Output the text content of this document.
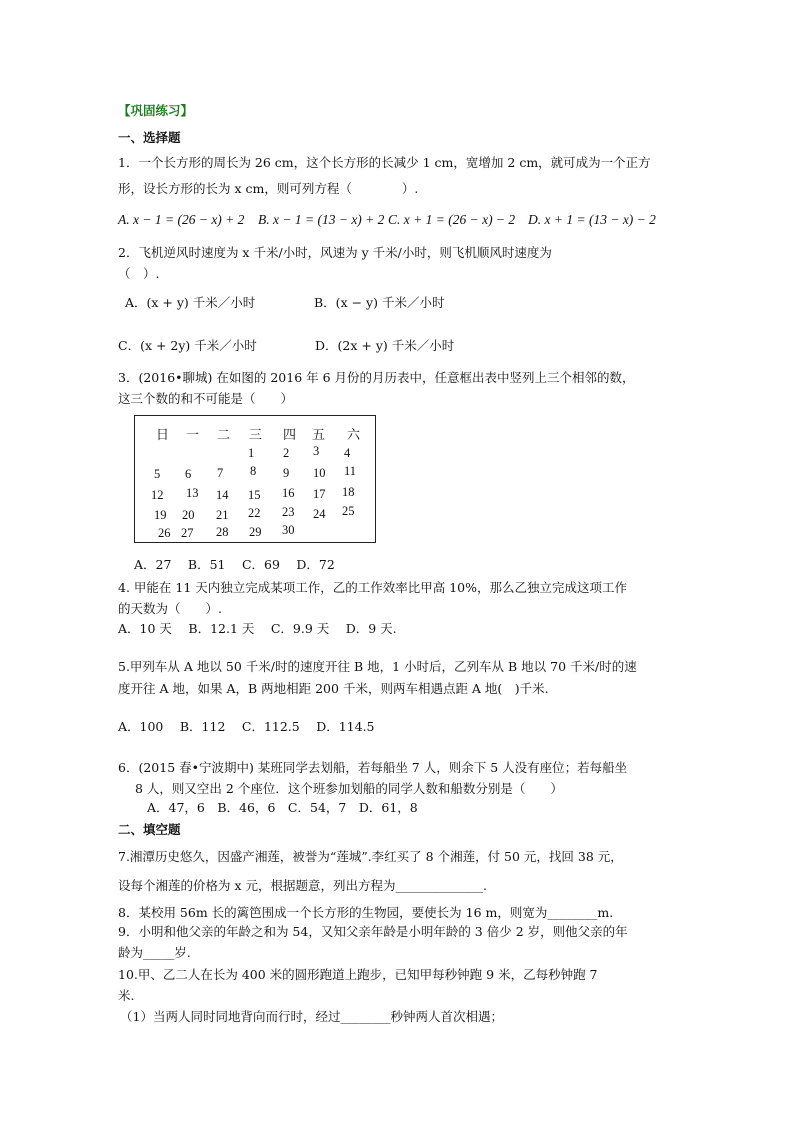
【巩固练习】
一、选择题
1．一个长方形的周长为 26 cm，这个长方形的长减少 1 cm，宽增加 2 cm，就可成为一个正方
形，设长方形的长为 x cm，则可列方程（　　　　）.
A. x − 1 = (26 − x) + 2 B. x − 1 = (13 − x) + 2 C. x + 1 = (26 − x) − 2 D. x + 1 = (13 − x) − 2
2．飞机逆风时速度为 x 千米/小时，风速为 y 千米/小时，则飞机顺风时速度为
（　）.
A．(x + y) 千米／小时	B．(x − y) 千米／小时
C．(x + 2y) 千米／小时	D．(2x + y) 千米／小时
3．(2016•聊城) 在如图的 2016 年 6 月份的月历表中，任意框出表中竖列上三个相邻的数，
这三个数的和不可能是（　　）
日 一 二 三 四 五 六
1 2 3 4
5 6 7 8 9 10 11
12 13 14 15 16 17 18
19 20 21 22 23 24 25
26 27 28 29 30
A．27　 B．51　 C．69　 D．72
4. 甲能在 11 天内独立完成某项工作，乙的工作效率比甲高 10%，那么乙独立完成这项工作
的天数为（　　）.
A．10 天　 B．12.1 天　 C．9.9 天　 D．9 天.
5.甲列车从 A 地以 50 千米/时的速度开往 B 地，1 小时后，乙列车从 B 地以 70 千米/时的速
度开往 A 地，如果 A，B 两地相距 200 千米，则两车相遇点距 A 地(　)千米.
A．100　 B．112　 C．112.5　 D．114.5
6．(2015 春•宁波期中) 某班同学去划船，若每船坐 7 人，则余下 5 人没有座位；若每船坐
8 人，则又空出 2 个座位．这个班参加划船的同学人数和船数分别是（　　）
A．47，6　B．46，6　C．54，7　D．61，8
二、填空题
7.湘潭历史悠久，因盛产湘莲，被誉为“莲城”.李红买了 8 个湘莲，付 50 元，找回 38 元，
设每个湘莲的价格为 x 元，根据题意，列出方程为______________.
8．某校用 56m 长的篱笆围成一个长方形的生物园，要使长为 16 m，则宽为________m.
9．小明和他父亲的年龄之和为 54，又知父亲年龄是小明年龄的 3 倍少 2 岁，则他父亲的年
龄为_____岁.
10.甲、乙二人在长为 400 米的圆形跑道上跑步，已知甲每秒钟跑 9 米，乙每秒钟跑 7
米.
（1）当两人同时同地背向而行时，经过________秒钟两人首次相遇；
